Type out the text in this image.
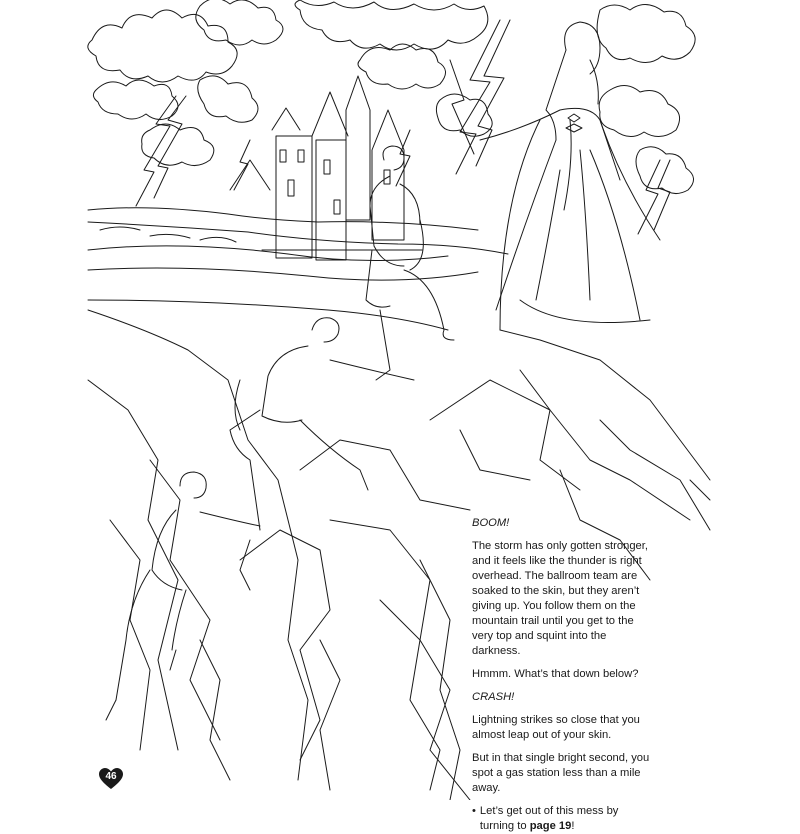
BOOM!

The storm has only gotten stronger, and it feels like the thunder is right overhead. The ballroom team are soaked to the skin, but they aren’t giving up. You follow them on the mountain trail until you get to the very top and squint into the darkness.

Hmmm. What’s that down below?

CRASH!

Lightning strikes so close that you almost leap out of your skin.

But in that single bright second, you spot a gas station less than a mile away.

• Let’s get out of this mess by turning to page 19!
46
